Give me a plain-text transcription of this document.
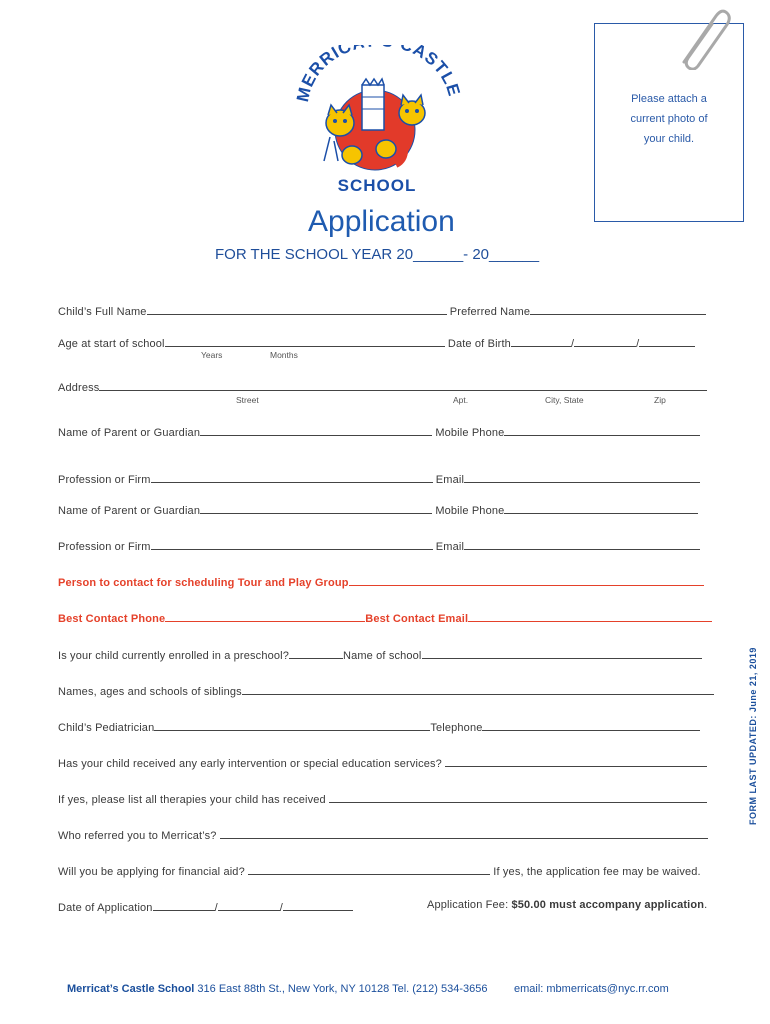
MERRIC CASTLE
SCHOOL
Please attach a
current photo of
your child.
Application
FOR THE SCHOOL YEAR 20______- 20______
FORM LAST UPDATED: June 21, 2019
Child’s Full Name	Preferred Name
Age at start of school	Date of Birth	/	/
Years	Months
Address
Street	Apt.	City, State	Zip
Name of Parent or Guardian	Mobile Phone
Profession or Firm	Email
Name of Parent or Guardian	Mobile Phone
Profession or Firm	Email
Person to contact for scheduling Tour and Play Group
Best Contact Phone	Best Contact Email
Is your child currently enrolled in a preschool?	Name of school
Names, ages and schools of siblings
Child’s Pediatrician	Telephone
Has your child received any early intervention or special education services?
If yes, please list all therapies your child has received
Who referred you to Merricat’s?
Will you be applying for financial aid?	If yes, the application fee may be waived.
Date of Application	/	/	Application Fee: $50.00 must accompany application.
Merricat’s Castle School 316 East 88th St., New York, NY 10128 Tel. (212) 534-3656 email: mbmerricats@nyc.rr.com
